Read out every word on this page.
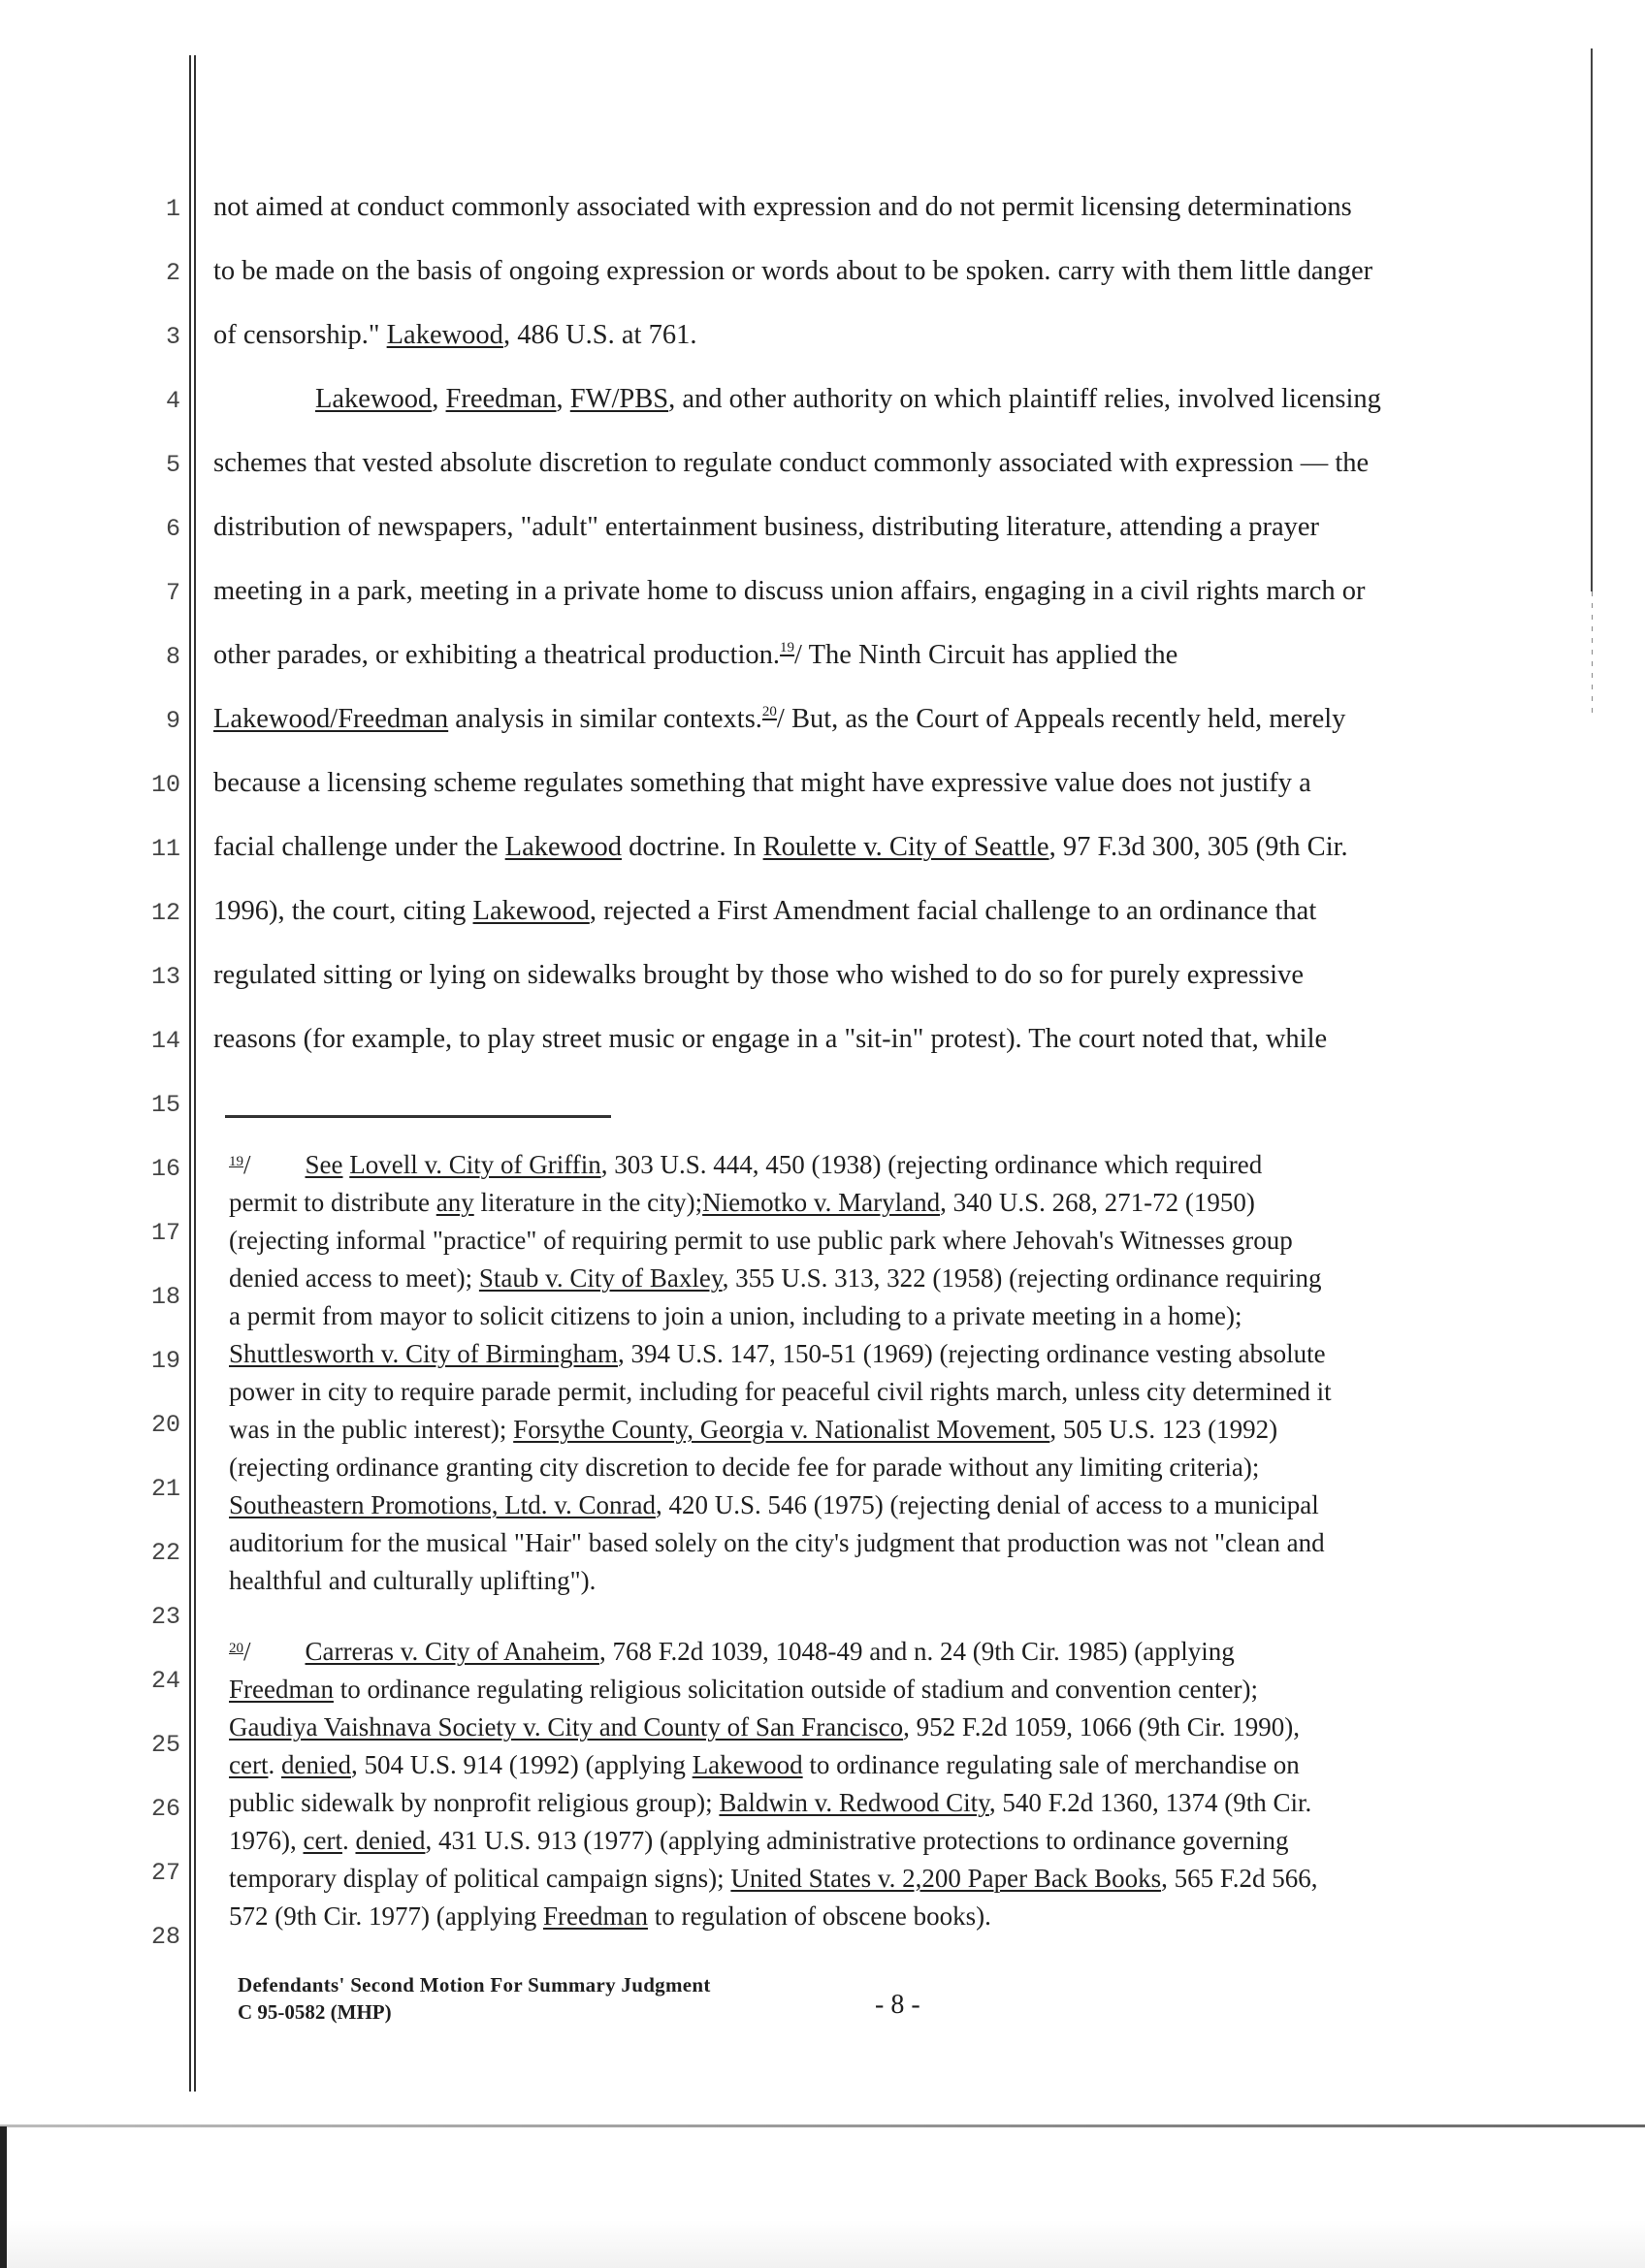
1
2
3
4
5
6
7
8
9
10
11
12
13
14
15
16
17
18
19
20
21
22
23
24
25
26
27
28
not aimed at conduct commonly associated with expression and do not permit licensing determinations
to be made on the basis of ongoing expression or words about to be spoken. carry with them little danger
of censorship." Lakewood, 486 U.S. at 761.
Lakewood, Freedman, FW/PBS, and other authority on which plaintiff relies, involved licensing
schemes that vested absolute discretion to regulate conduct commonly associated with expression — the
distribution of newspapers, "adult" entertainment business, distributing literature, attending a prayer
meeting in a park, meeting in a private home to discuss union affairs, engaging in a civil rights march or
other parades, or exhibiting a theatrical production.$^{19}$/ The Ninth Circuit has applied the
Lakewood/Freedman analysis in similar contexts.$^{20}$/ But, as the Court of Appeals recently held, merely
because a licensing scheme regulates something that might have expressive value does not justify a
facial challenge under the Lakewood doctrine. In Roulette v. City of Seattle, 97 F.3d 300, 305 (9th Cir.
1996), the court, citing Lakewood, rejected a First Amendment facial challenge to an ordinance that
regulated sitting or lying on sidewalks brought by those who wished to do so for purely expressive
reasons (for example, to play street music or engage in a "sit-in" protest). The court noted that, while
$^{19}$/ See Lovell v. City of Griffin, 303 U.S. 444, 450 (1938) (rejecting ordinance which required
permit to distribute any literature in the city);Niemotko v. Maryland, 340 U.S. 268, 271-72 (1950)
(rejecting informal "practice" of requiring permit to use public park where Jehovah's Witnesses group
denied access to meet); Staub v. City of Baxley, 355 U.S. 313, 322 (1958) (rejecting ordinance requiring
a permit from mayor to solicit citizens to join a union, including to a private meeting in a home);
Shuttlesworth v. City of Birmingham, 394 U.S. 147, 150-51 (1969) (rejecting ordinance vesting absolute
power in city to require parade permit, including for peaceful civil rights march, unless city determined it
was in the public interest); Forsythe County, Georgia v. Nationalist Movement, 505 U.S. 123 (1992)
(rejecting ordinance granting city discretion to decide fee for parade without any limiting criteria);
Southeastern Promotions, Ltd. v. Conrad, 420 U.S. 546 (1975) (rejecting denial of access to a municipal
auditorium for the musical "Hair" based solely on the city's judgment that production was not "clean and
healthful and culturally uplifting").
$^{20}$/ Carreras v. City of Anaheim, 768 F.2d 1039, 1048-49 and n. 24 (9th Cir. 1985) (applying
Freedman to ordinance regulating religious solicitation outside of stadium and convention center);
Gaudiya Vaishnava Society v. City and County of San Francisco, 952 F.2d 1059, 1066 (9th Cir. 1990),
cert. denied, 504 U.S. 914 (1992) (applying Lakewood to ordinance regulating sale of merchandise on
public sidewalk by nonprofit religious group); Baldwin v. Redwood City, 540 F.2d 1360, 1374 (9th Cir.
1976), cert. denied, 431 U.S. 913 (1977) (applying administrative protections to ordinance governing
temporary display of political campaign signs); United States v. 2,200 Paper Back Books, 565 F.2d 566,
572 (9th Cir. 1977) (applying Freedman to regulation of obscene books).
Defendants' Second Motion For Summary Judgment
C 95-0582 (MHP)	- 8 -
